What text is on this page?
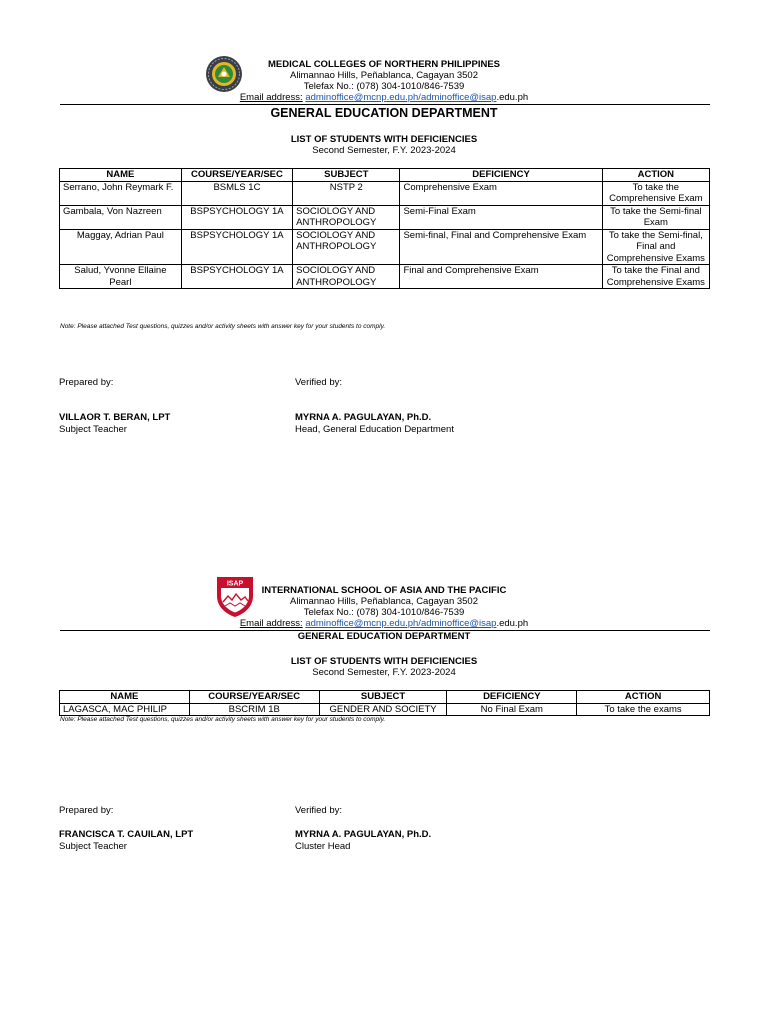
MEDICAL COLLEGES OF NORTHERN PHILIPPINES
Alimannao Hills, Peñablanca, Cagayan 3502
Telefax No.: (078) 304-1010/846-7539
Email address: adminoffice@mcnp.edu.ph/adminoffice@isap.edu.ph
GENERAL EDUCATION DEPARTMENT
LIST OF STUDENTS WITH DEFICIENCIES
Second Semester, F.Y. 2023-2024
NAME	COURSE/YEAR/SEC	SUBJECT	DEFICIENCY	ACTION
Serrano, John Reymark F.	BSMLS 1C	NSTP 2	Comprehensive Exam	To take the Comprehensive Exam
Gambala, Von Nazreen	BSPSYCHOLOGY 1A	SOCIOLOGY AND ANTHROPOLOGY	Semi-Final Exam	To take the Semi-final Exam
Maggay, Adrian Paul	BSPSYCHOLOGY 1A	SOCIOLOGY AND ANTHROPOLOGY	Semi-final, Final and Comprehensive Exam	To take the Semi-final, Final and Comprehensive Exams
Salud, Yvonne Ellaine Pearl	BSPSYCHOLOGY 1A	SOCIOLOGY AND ANTHROPOLOGY	Final and Comprehensive Exam	To take the Final and Comprehensive Exams
Note: Please attached Test questions, quizzes and/or activity sheets with answer key for your students to comply.
Prepared by:	Verified by:
VILLAOR T. BERAN, LPT
Subject Teacher
MYRNA A. PAGULAYAN, Ph.D.
Head, General Education Department
ISAP
INTERNATIONAL SCHOOL OF ASIA AND THE PACIFIC
Alimannao Hills, Peñablanca, Cagayan 3502
Telefax No.: (078) 304-1010/846-7539
Email address: adminoffice@mcnp.edu.ph/adminoffice@isap.edu.ph
GENERAL EDUCATION DEPARTMENT
LIST OF STUDENTS WITH DEFICIENCIES
Second Semester, F.Y. 2023-2024
NAME	COURSE/YEAR/SEC	SUBJECT	DEFICIENCY	ACTION
LAGASCA, MAC PHILIP	BSCRIM 1B	GENDER AND SOCIETY	No Final Exam	To take the exams
Note: Please attached Test questions, quizzes and/or activity sheets with answer key for your students to comply.
Prepared by:	Verified by:
FRANCISCA T. CAUILAN, LPT
Subject Teacher
MYRNA A. PAGULAYAN, Ph.D.
Cluster Head
